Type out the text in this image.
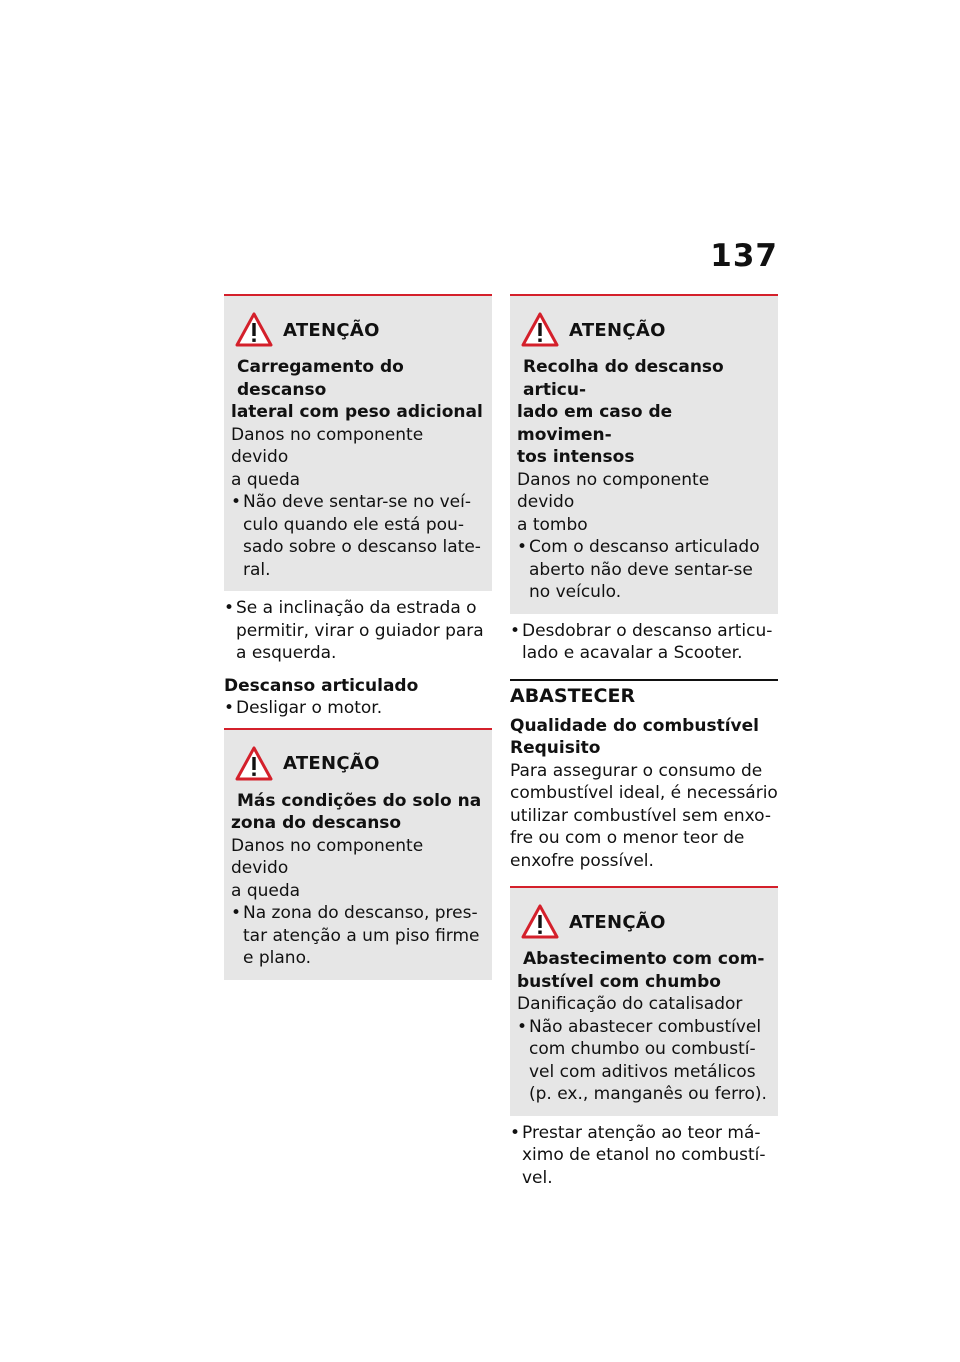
137
ATENÇÃO
Carregamento do descanso
lateral com peso adicional
Danos no componente devido
a queda
• Não deve sentar-se no veí-
culo quando ele está pou-
sado sobre o descanso late-
ral.
• Se a inclinação da estrada o
permitir, virar o guiador para
a esquerda.
Descanso articulado
• Desligar o motor.
ATENÇÃO
Más condições do solo na
zona do descanso
Danos no componente devido
a queda
• Na zona do descanso, pres-
tar atenção a um piso firme
e plano.
ATENÇÃO
Recolha do descanso articu-
lado em caso de movimen-
tos intensos
Danos no componente devido
a tombo
• Com o descanso articulado
aberto não deve sentar-se
no veículo.
• Desdobrar o descanso articu-
lado e acavalar a Scooter.
ABASTECER
Qualidade do combustível
Requisito
Para assegurar o consumo de
combustível ideal, é necessário
utilizar combustível sem enxo-
fre ou com o menor teor de
enxofre possível.
ATENÇÃO
Abastecimento com com-
bustível com chumbo
Danificação do catalisador
• Não abastecer combustível
com chumbo ou combustí-
vel com aditivos metálicos
(p. ex., manganês ou ferro).
• Prestar atenção ao teor má-
ximo de etanol no combustí-
vel.
